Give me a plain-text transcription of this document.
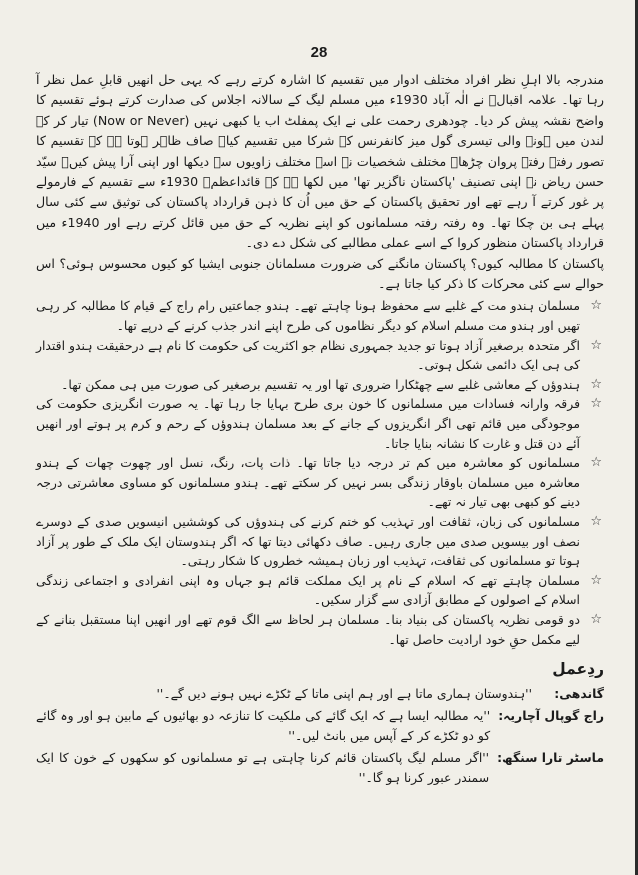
28

مندرجہ بالا اہلِ نظر افراد مختلف ادوار میں تقسیم کا اشارہ کرتے رہے کہ یہی حل انھیں قابلِ عمل نظر آ رہا تھا۔ علامہ اقبالؒ نے الٰہ آباد 1930ء میں مسلم لیگ کے سالانہ اجلاس کی صدارت کرتے ہوئے تقسیم کا واضح نقشہ پیش کر دیا۔ چودھری رحمت علی نے ایک پمفلٹ اب یا کبھی نہیں (Now or Never) تیار کر کے لندن میں ہونے والی تیسری گول میز کانفرنس کے شرکا میں تقسیم کیا۔ صاف ظاہر ہوتا ہے کہ تقسیم کا تصور رفتہ رفتہ پروان چڑھا۔ مختلف شخصیات نے اسے مختلف زاویوں سے دیکھا اور اپنی آرا پیش کیں۔ سیّد حسن ریاض نے اپنی تصنیف 'پاکستان ناگزیر تھا' میں لکھا ہے کہ قائداعظمؒ 1930ء سے تقسیم کے فارمولے پر غور کرتے آ رہے تھے اور تحقیق پاکستان کے حق میں اُن کا ذہن قرارداد پاکستان کی توثیق سے کئی سال پہلے ہی بن چکا تھا۔ وہ رفتہ رفتہ مسلمانوں کو اپنے نظریہ کے حق میں قائل کرتے رہے اور 1940ء میں قرارداد پاکستان منظور کروا کے اسے عملی مطالبے کی شکل دے دی۔

پاکستان کا مطالبہ کیوں؟ پاکستان مانگنے کی ضرورت مسلمانان جنوبی ایشیا کو کیوں محسوس ہوئی؟ اس حوالے سے کئی محرکات کا ذکر کیا جاتا ہے۔

☆
مسلمان ہندو مت کے غلبے سے محفوظ ہونا چاہتے تھے۔ ہندو جماعتیں رام راج کے قیام کا مطالبہ کر رہی تھیں اور ہندو مت مسلم اسلام کو دیگر نظاموں کی طرح اپنے اندر جذب کرنے کے درپے تھا۔
☆
اگر متحدہ برصغیر آزاد ہوتا تو جدید جمہوری نظام جو اکثریت کی حکومت کا نام ہے درحقیقت ہندو اقتدار کی ہی ایک دائمی شکل ہوتی۔
☆
ہندوؤں کے معاشی غلبے سے چھٹکارا ضروری تھا اور یہ تقسیم برصغیر کی صورت میں ہی ممکن تھا۔
☆
فرقہ وارانہ فسادات میں مسلمانوں کا خون بری طرح بہایا جا رہا تھا۔ یہ صورت انگریزی حکومت کی موجودگی میں قائم تھی اگر انگریزوں کے جانے کے بعد مسلمان ہندوؤں کے رحم و کرم پر ہوتے اور انھیں آئے دن قتل و غارت کا نشانہ بنایا جاتا۔
☆
مسلمانوں کو معاشرہ میں کم تر درجہ دیا جاتا تھا۔ ذات پات، رنگ، نسل اور چھوت چھات کے ہندو معاشرہ میں مسلمان باوقار زندگی بسر نہیں کر سکتے تھے۔ ہندو مسلمانوں کو مساوی معاشرتی درجہ دینے کو کبھی بھی تیار نہ تھے۔
☆
مسلمانوں کی زبان، ثقافت اور تہذیب کو ختم کرنے کی ہندوؤں کی کوششیں انیسویں صدی کے دوسرے نصف اور بیسویں صدی میں جاری رہیں۔ صاف دکھائی دیتا تھا کہ اگر ہندوستان ایک ملک کے طور پر آزاد ہوتا تو مسلمانوں کی ثقافت، تہذیب اور زبان ہمیشہ خطروں کا شکار رہتی۔
☆
مسلمان چاہتے تھے کہ اسلام کے نام پر ایک مملکت قائم ہو جہاں وہ اپنی انفرادی و اجتماعی زندگی اسلام کے اصولوں کے مطابق آزادی سے گزار سکیں۔
☆
دو قومی نظریہ پاکستان کی بنیاد بنا۔ مسلمان ہر لحاظ سے الگ قوم تھے اور انھیں اپنا مستقبل بنانے کے لیے مکمل حقِ خود ارادیت حاصل تھا۔
ردِعمل
گاندھی:
''ہندوستان ہماری ماتا ہے اور ہم اپنی ماتا کے ٹکڑے نہیں ہونے دیں گے۔''
راج گوپال آچاریہ:
''یہ مطالبہ ایسا ہے کہ ایک گائے کی ملکیت کا تنازعہ دو بھائیوں کے مابین ہو اور وہ گائے کو دو ٹکڑے کر کے آپس میں بانٹ لیں۔''
ماسٹر تارا سنگھ:
''اگر مسلم لیگ پاکستان قائم کرنا چاہتی ہے تو مسلمانوں کو سکھوں کے خون کا ایک سمندر عبور کرنا ہو گا۔''
